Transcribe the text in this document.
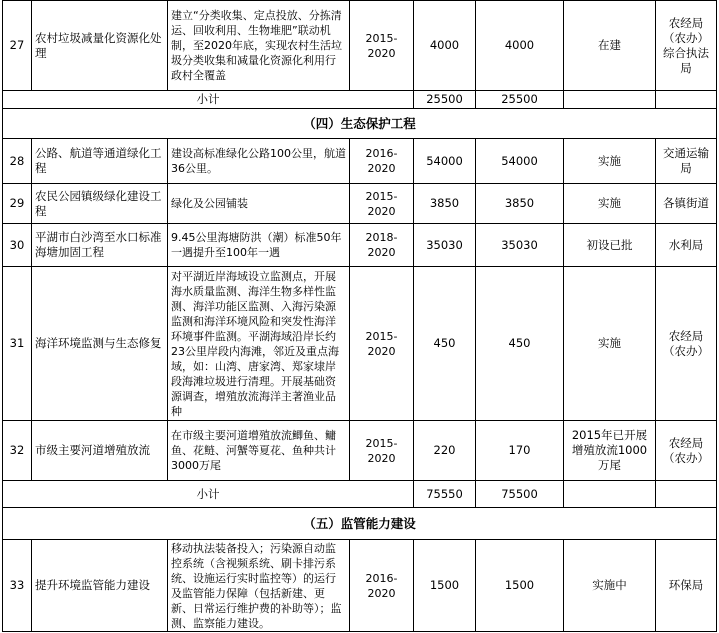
27	农村垃圾减量化资源化处理	建立“分类收集、定点投放、分拣清运、回收利用、生物堆肥”联动机制，至2020年底，实现农村生活垃圾分类收集和减量化资源化利用行政村全覆盖	2015-2020	4000	4000	在建	农经局（农办）综合执法局
小计				25500	25500		
（四）生态保护工程							
28	公路、航道等通道绿化工程	建设高标准绿化公路100公里，航道36公里。	2016-2020	54000	54000	实施	交通运输局
29	农民公园镇级绿化建设工程	绿化及公园铺装	2015-2020	3850	3850	实施	各镇街道
30	平湖市白沙湾至水口标准海塘加固工程	9.45公里海塘防洪（潮）标准50年一遇提升至100年一遇	2018-2020	35030	35030	初设已批	水利局
31	海洋环境监测与生态修复	对平湖近岸海域设立监测点，开展海水质量监测、海洋生物多样性监测、海洋功能区监测、入海污染源监测和海洋环境风险和突发性海洋环境事件监测。平湖海域沿岸长约23公里岸段内海滩，邻近及重点海域，如：山湾、唐家湾、郑家埭岸段海滩垃圾进行清理。开展基础资源调查，增殖放流海洋主著渔业品种	2015-2020	450	450	实施	农经局（农办）
32	市级主要河道增殖放流	在市级主要河道增殖放流鲫鱼、鳙鱼、花鲢、河蟹等夏花、鱼种共计3000万尾	2015-2020	220	170	2015年已开展增殖放流1000万尾	农经局（农办）
小计				75550	75500		
（五）监管能力建设							
33	提升环境监管能力建设	移动执法装备投入；污染源自动监控系统（含视频系统、刷卡排污系统、设施运行实时监控等）的运行及监管能力保障（包括新建、更新、日常运行维护费的补助等）；监测、监察能力建设。	2016-2020	1500	1500	实施中	环保局
